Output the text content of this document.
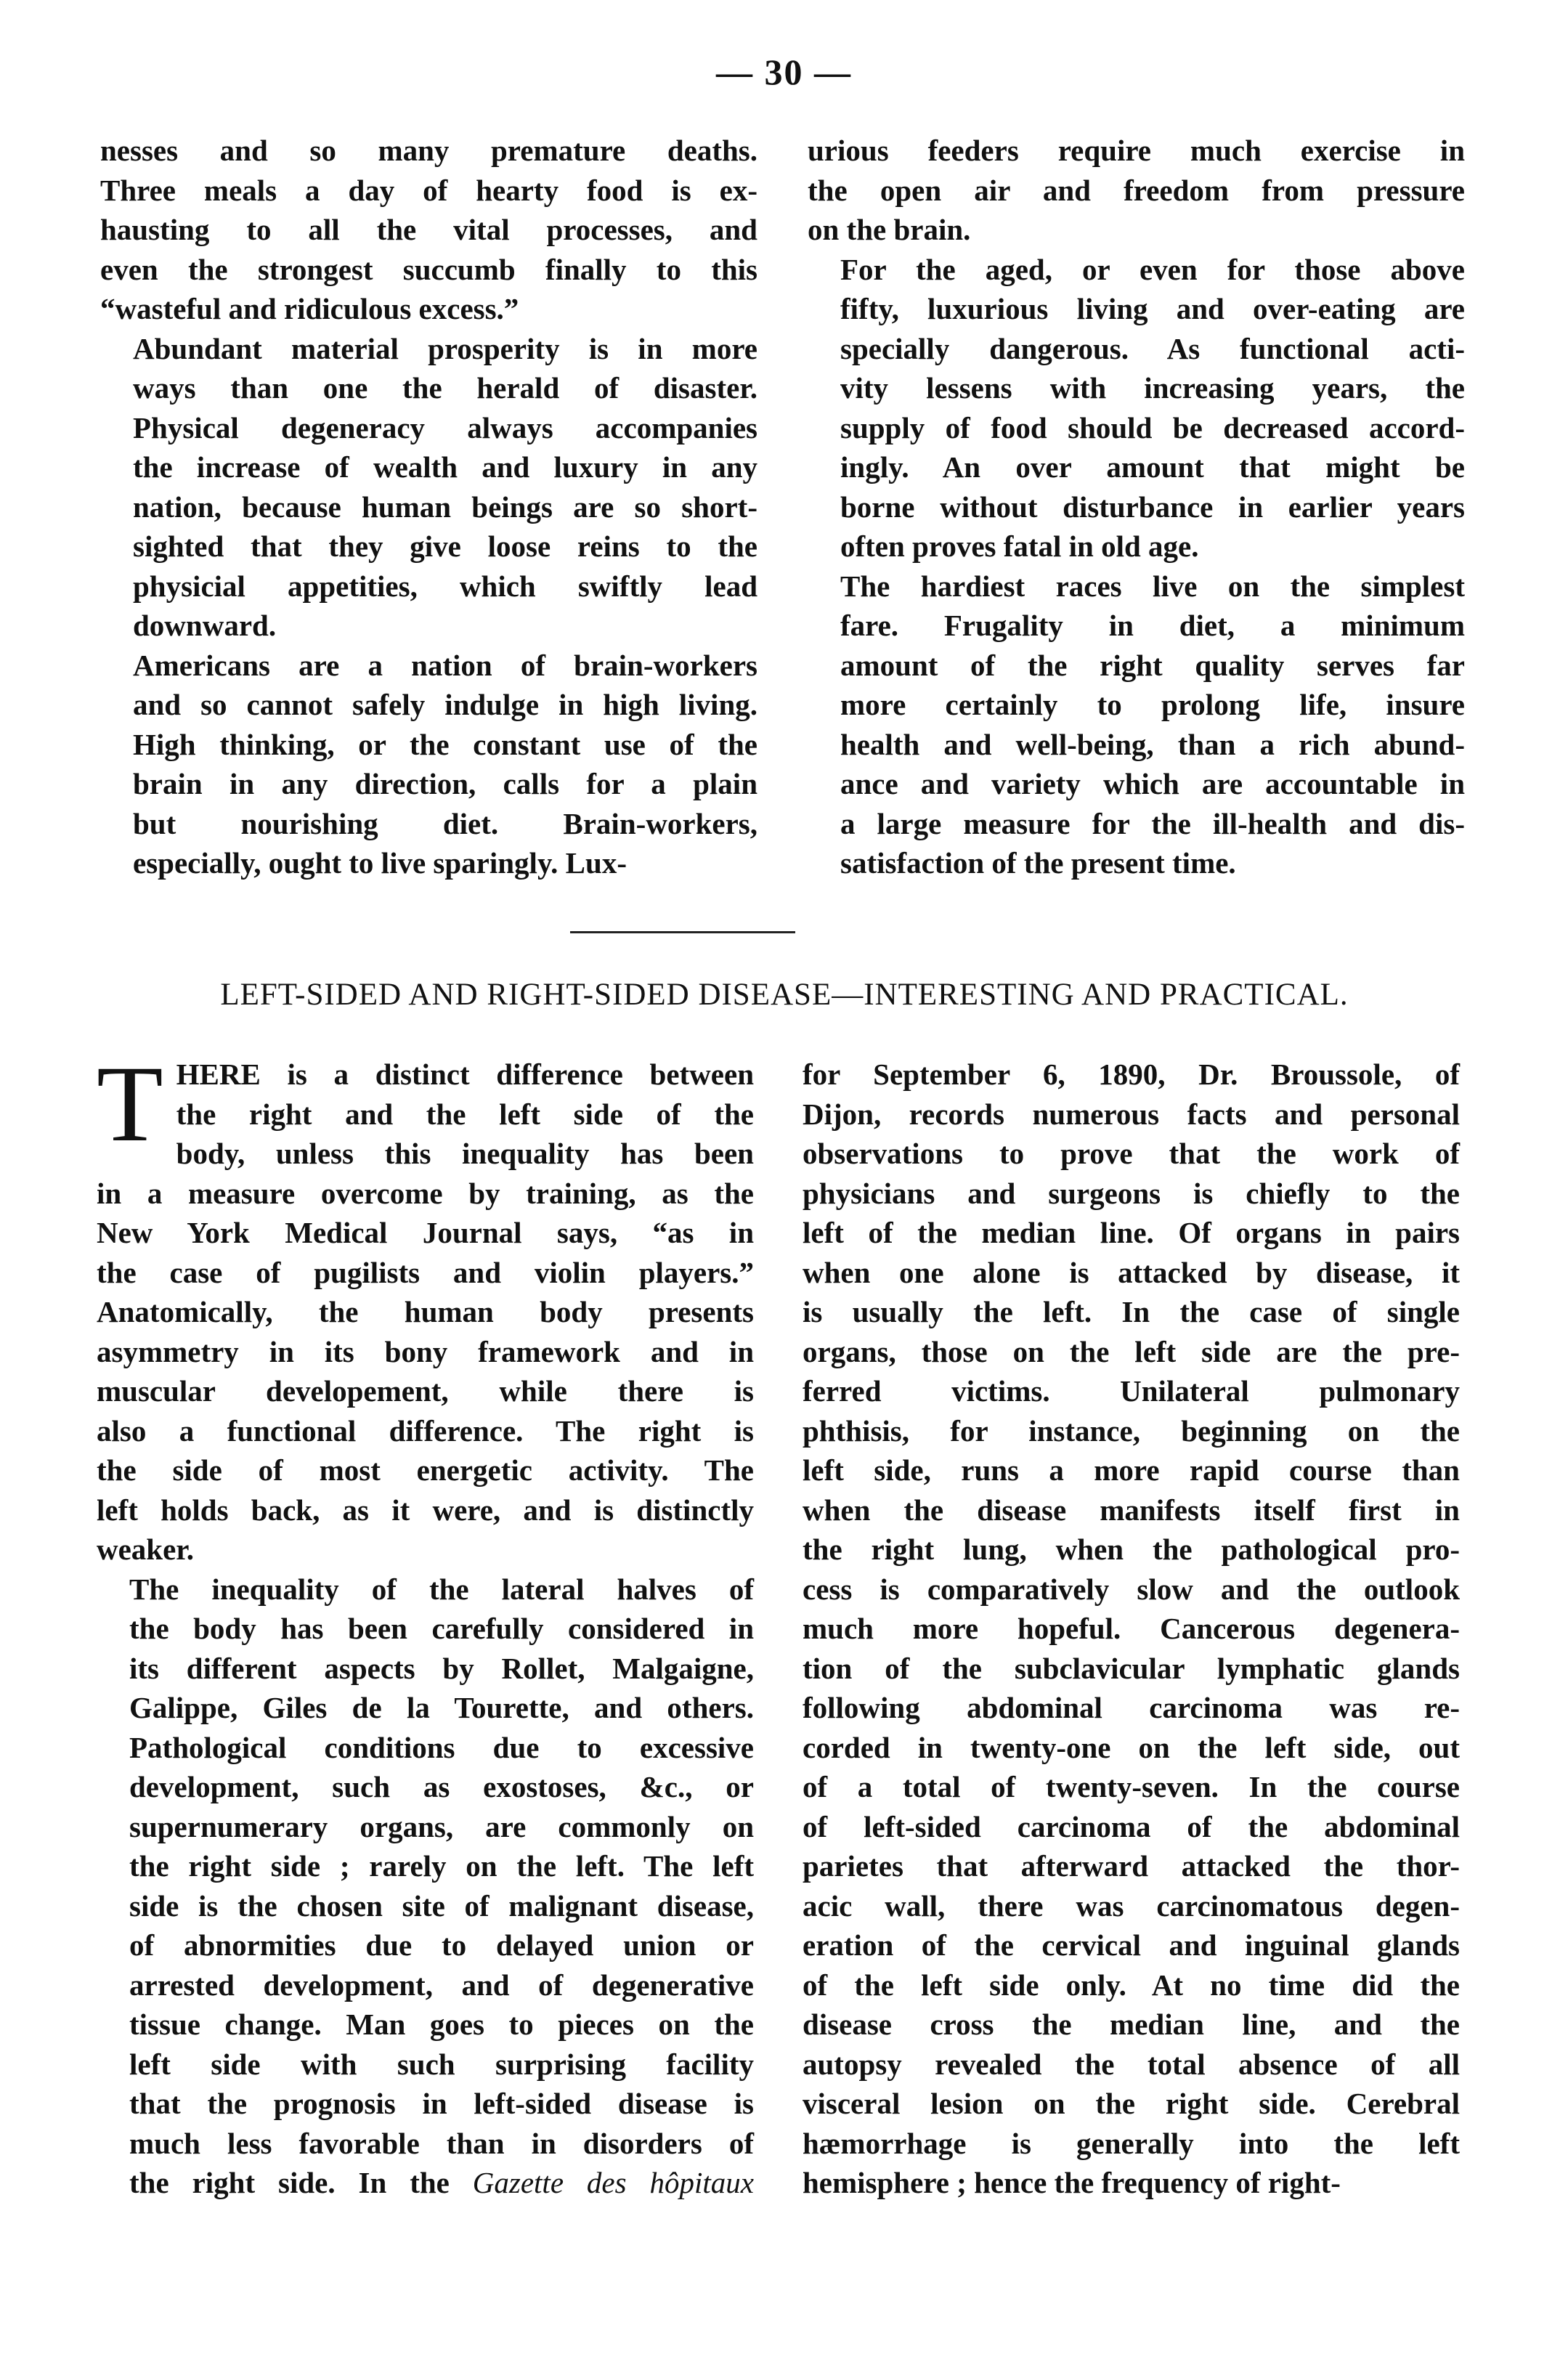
— 30 —

nesses and so many premature deaths.
Three meals a day of hearty food is ex-
hausting to all the vital processes, and
even the strongest succumb finally to this
“wasteful and ridiculous excess.”

Abundant material prosperity is in more
ways than one the herald of disaster.
Physical degeneracy always accompanies
the increase of wealth and luxury in any
nation, because human beings are so short-
sighted that they give loose reins to the
physicial appetities, which swiftly lead
downward.

Americans are a nation of brain-workers
and so cannot safely indulge in high living.
High thinking, or the constant use of the
brain in any direction, calls for a plain
but nourishing diet. Brain-workers,
especially, ought to live sparingly. Lux-

urious feeders require much exercise in
the open air and freedom from pressure
on the brain.

For the aged, or even for those above
fifty, luxurious living and over-eating are
specially dangerous. As functional acti-
vity lessens with increasing years, the
supply of food should be decreased accord-
ingly. An over amount that might be
borne without disturbance in earlier years
often proves fatal in old age.

The hardiest races live on the simplest
fare. Frugality in diet, a minimum
amount of the right quality serves far
more certainly to prolong life, insure
health and well-being, than a rich abund-
ance and variety which are accountable in
a large measure for the ill-health and dis-
satisfaction of the present time.

LEFT-SIDED AND RIGHT-SIDED DISEASE—INTERESTING AND PRACTICAL.

T HERE is a distinct difference between
the right and the left side of the
body, unless this inequality has been
in a measure overcome by training, as the
New York Medical Journal says, “as in
the case of pugilists and violin players.”
Anatomically, the human body presents
asymmetry in its bony framework and in
muscular developement, while there is
also a functional difference. The right is
the side of most energetic activity. The
left holds back, as it were, and is distinctly
weaker.

The inequality of the lateral halves of
the body has been carefully considered in
its different aspects by Rollet, Malgaigne,
Galippe, Giles de la Tourette, and others.
Pathological conditions due to excessive
development, such as exostoses, &c., or
supernumerary organs, are commonly on
the right side ; rarely on the left. The left
side is the chosen site of malignant disease,
of abnormities due to delayed union or
arrested development, and of degenerative
tissue change. Man goes to pieces on the
left side with such surprising facility
that the prognosis in left-sided disease is
much less favorable than in disorders of
the right side. In the Gazette des hôpitaux

for September 6, 1890, Dr. Broussole, of
Dijon, records numerous facts and personal
observations to prove that the work of
physicians and surgeons is chiefly to the
left of the median line. Of organs in pairs
when one alone is attacked by disease, it
is usually the left. In the case of single
organs, those on the left side are the pre-
ferred victims. Unilateral pulmonary
phthisis, for instance, beginning on the
left side, runs a more rapid course than
when the disease manifests itself first in
the right lung, when the pathological pro-
cess is comparatively slow and the outlook
much more hopeful. Cancerous degenera-
tion of the subclavicular lymphatic glands
following abdominal carcinoma was re-
corded in twenty-one on the left side, out
of a total of twenty-seven. In the course
of left-sided carcinoma of the abdominal
parietes that afterward attacked the thor-
acic wall, there was carcinomatous degen-
eration of the cervical and inguinal glands
of the left side only. At no time did the
disease cross the median line, and the
autopsy revealed the total absence of all
visceral lesion on the right side. Cerebral
hæmorrhage is generally into the left
hemisphere ; hence the frequency of right-
